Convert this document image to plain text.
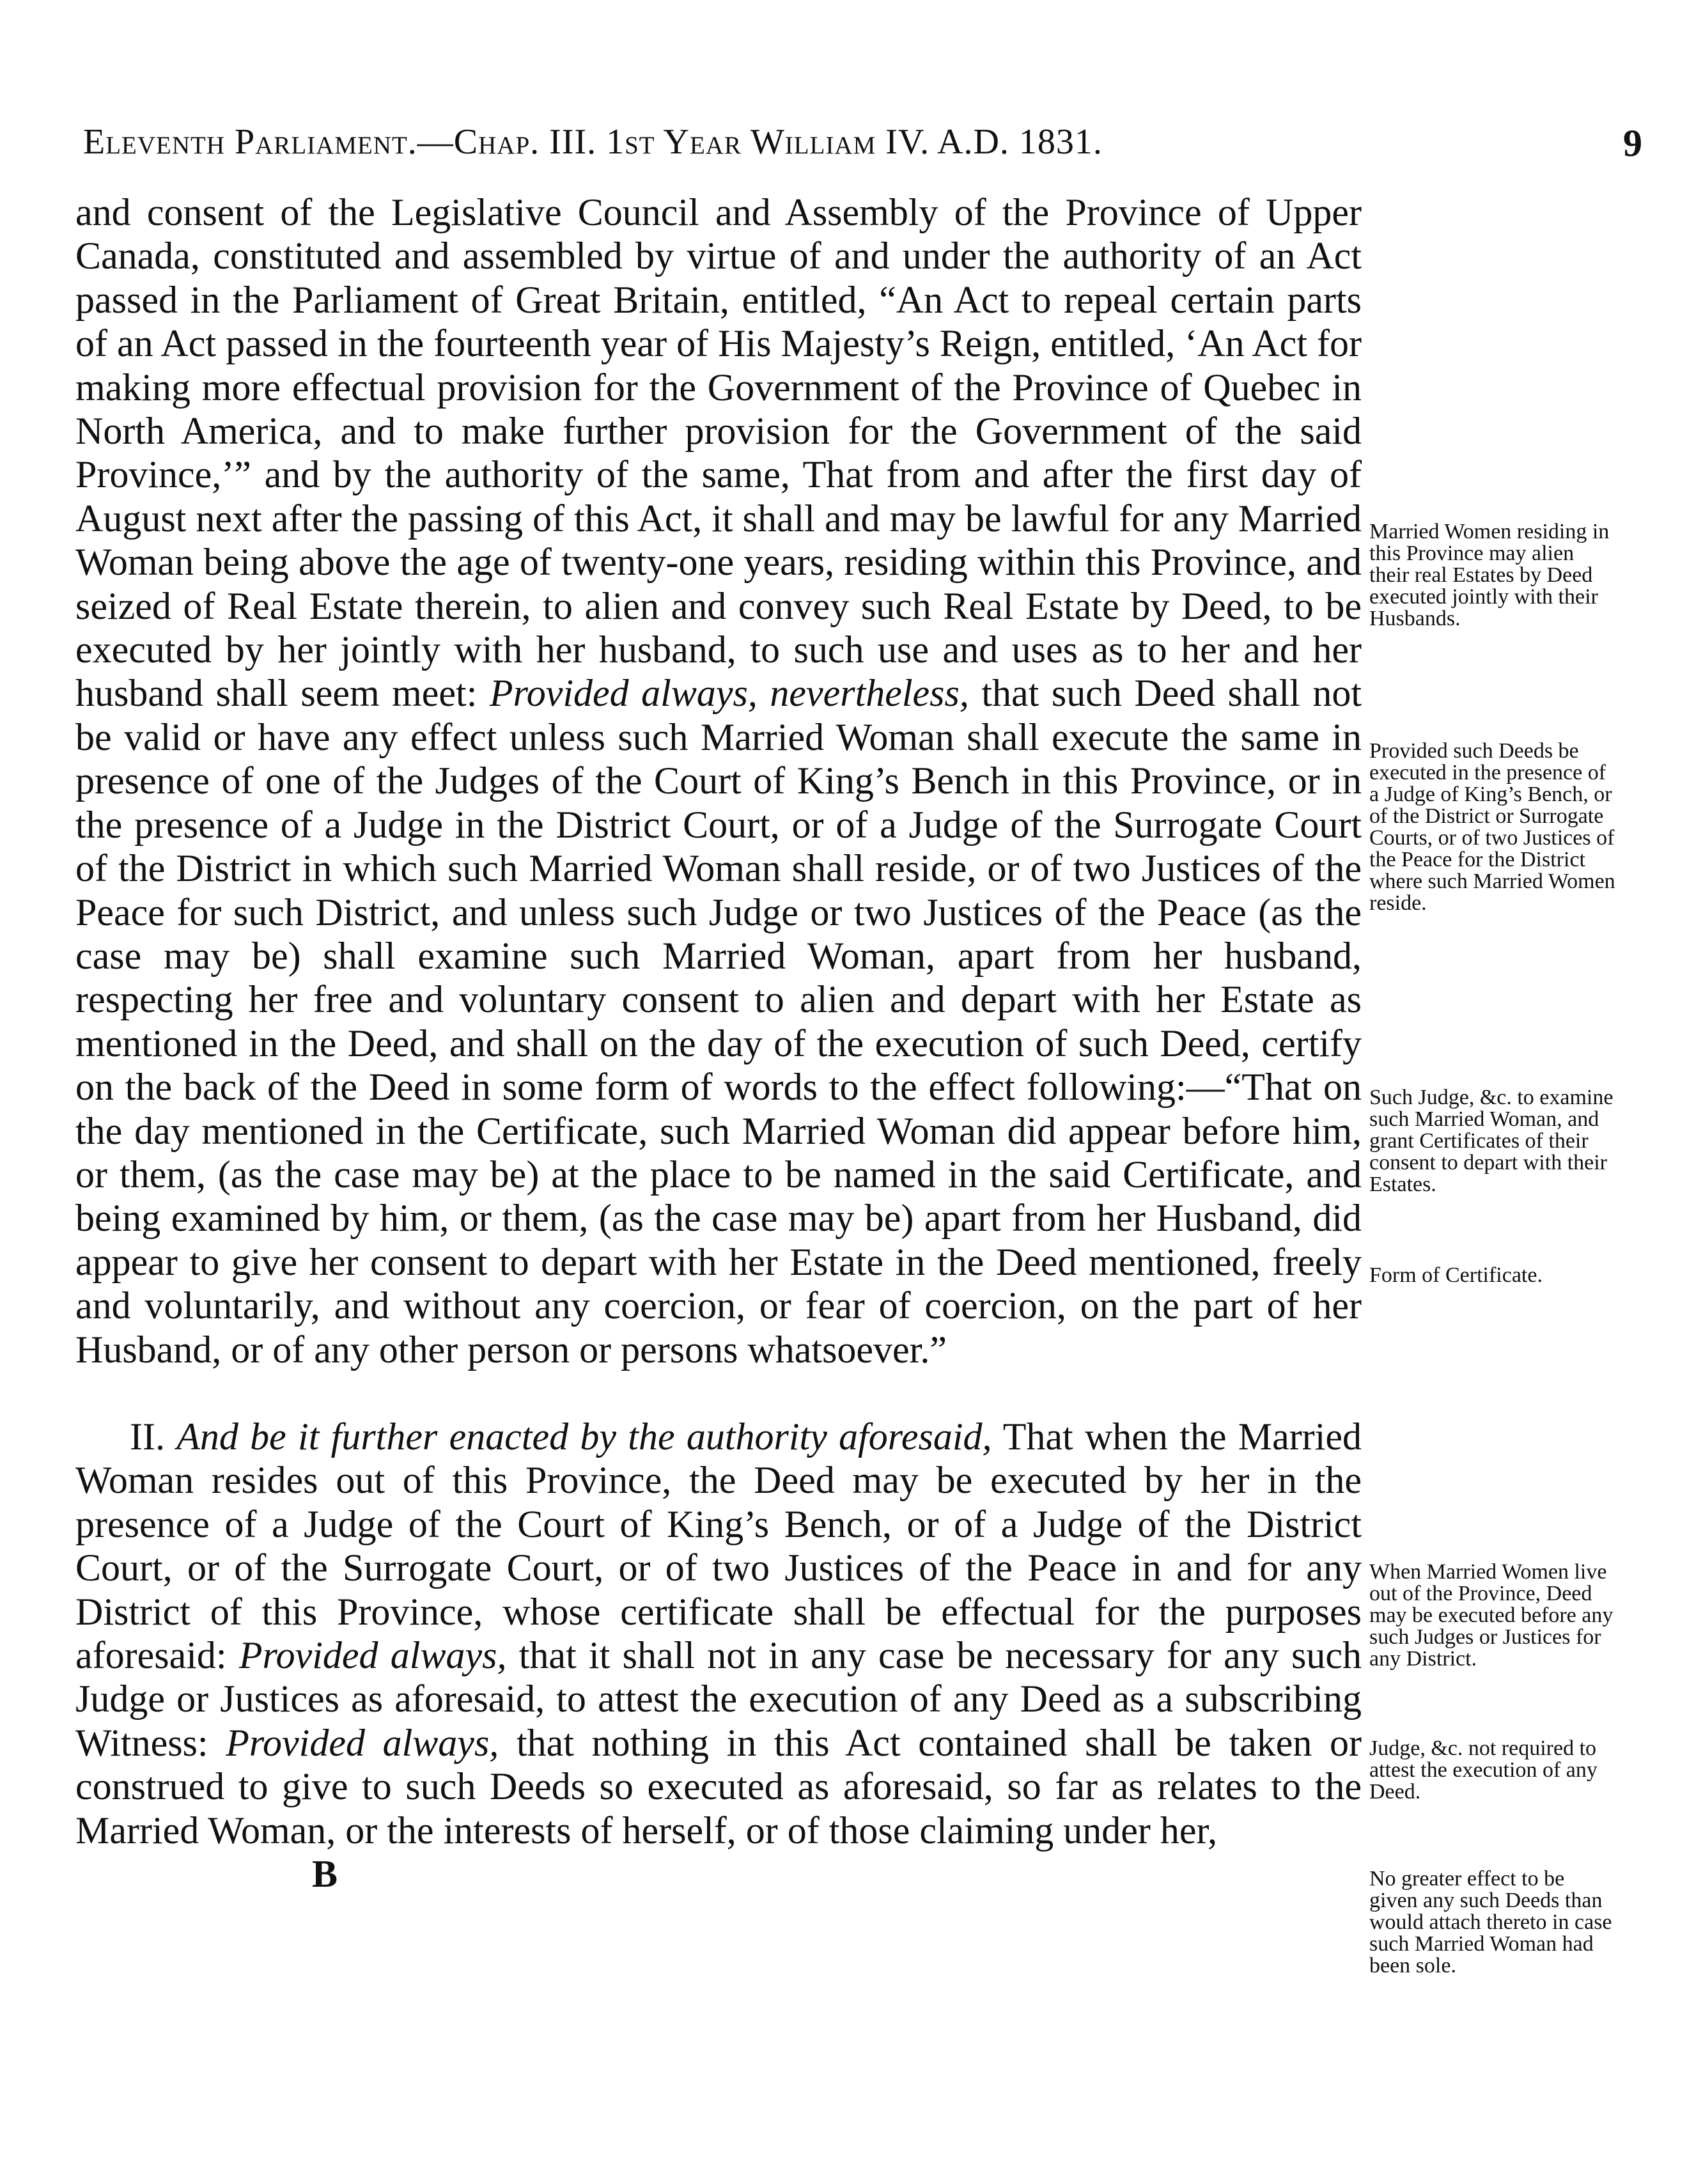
Eleventh Parliament.—Chap. III. 1st Year William IV. A.D. 1831.	9

and consent of the Legislative Council and Assembly of the Province of Upper Canada, constituted and assembled by virtue of and under the authority of an Act passed in the Parliament of Great Britain, entitled, “An Act to repeal certain parts of an Act passed in the fourteenth year of His Majesty’s Reign, entitled, ‘An Act for making more effectual provision for the Government of the Province of Quebec in North America, and to make further provision for the Government of the said Province,’” and by the authority of the same, That from and after the first day of August next after the passing of this Act, it shall and may be lawful for any Married Woman being above the age of twenty-one years, residing within this Province, and seized of Real Estate therein, to alien and convey such Real Estate by Deed, to be executed by her jointly with her husband, to such use and uses as to her and her husband shall seem meet: Provided always, nevertheless, that such Deed shall not be valid or have any effect unless such Married Woman shall execute the same in presence of one of the Judges of the Court of King’s Bench in this Province, or in the presence of a Judge in the District Court, or of a Judge of the Surrogate Court of the District in which such Married Woman shall reside, or of two Justices of the Peace for such District, and unless such Judge or two Justices of the Peace (as the case may be) shall examine such Married Woman, apart from her husband, respecting her free and voluntary consent to alien and depart with her Estate as mentioned in the Deed, and shall on the day of the execution of such Deed, certify on the back of the Deed in some form of words to the effect following:—“That on the day mentioned in the Certificate, such Married Woman did appear before him, or them, (as the case may be) at the place to be named in the said Certificate, and being examined by him, or them, (as the case may be) apart from her Husband, did appear to give her consent to depart with her Estate in the Deed mentioned, freely and voluntarily, and without any coercion, or fear of coercion, on the part of her Husband, or of any other person or persons whatsoever.”

II. And be it further enacted by the authority aforesaid, That when the Married Woman resides out of this Province, the Deed may be executed by her in the presence of a Judge of the Court of King’s Bench, or of a Judge of the District Court, or of the Surrogate Court, or of two Justices of the Peace in and for any District of this Province, whose certificate shall be effectual for the purposes aforesaid: Provided always, that it shall not in any case be necessary for any such Judge or Justices as aforesaid, to attest the execution of any Deed as a subscribing Witness: Provided always, that nothing in this Act contained shall be taken or construed to give to such Deeds so executed as aforesaid, so far as relates to the Married Woman, or the interests of herself, or of those claiming under her,

B

Married Women residing in this Province may alien their real Estates by Deed executed jointly with their Husbands.
Provided such Deeds be executed in the presence of a Judge of King’s Bench, or of the District or Surrogate Courts, or of two Justices of the Peace for the District where such Married Women reside.
Such Judge, &c. to examine such Married Woman, and grant Certificates of their consent to depart with their Estates.
Form of Certificate.
When Married Women live out of the Province, Deed may be executed before any such Judges or Justices for any District.
Judge, &c. not required to attest the execution of any Deed.
No greater effect to be given any such Deeds than would attach thereto in case such Married Woman had been sole.
